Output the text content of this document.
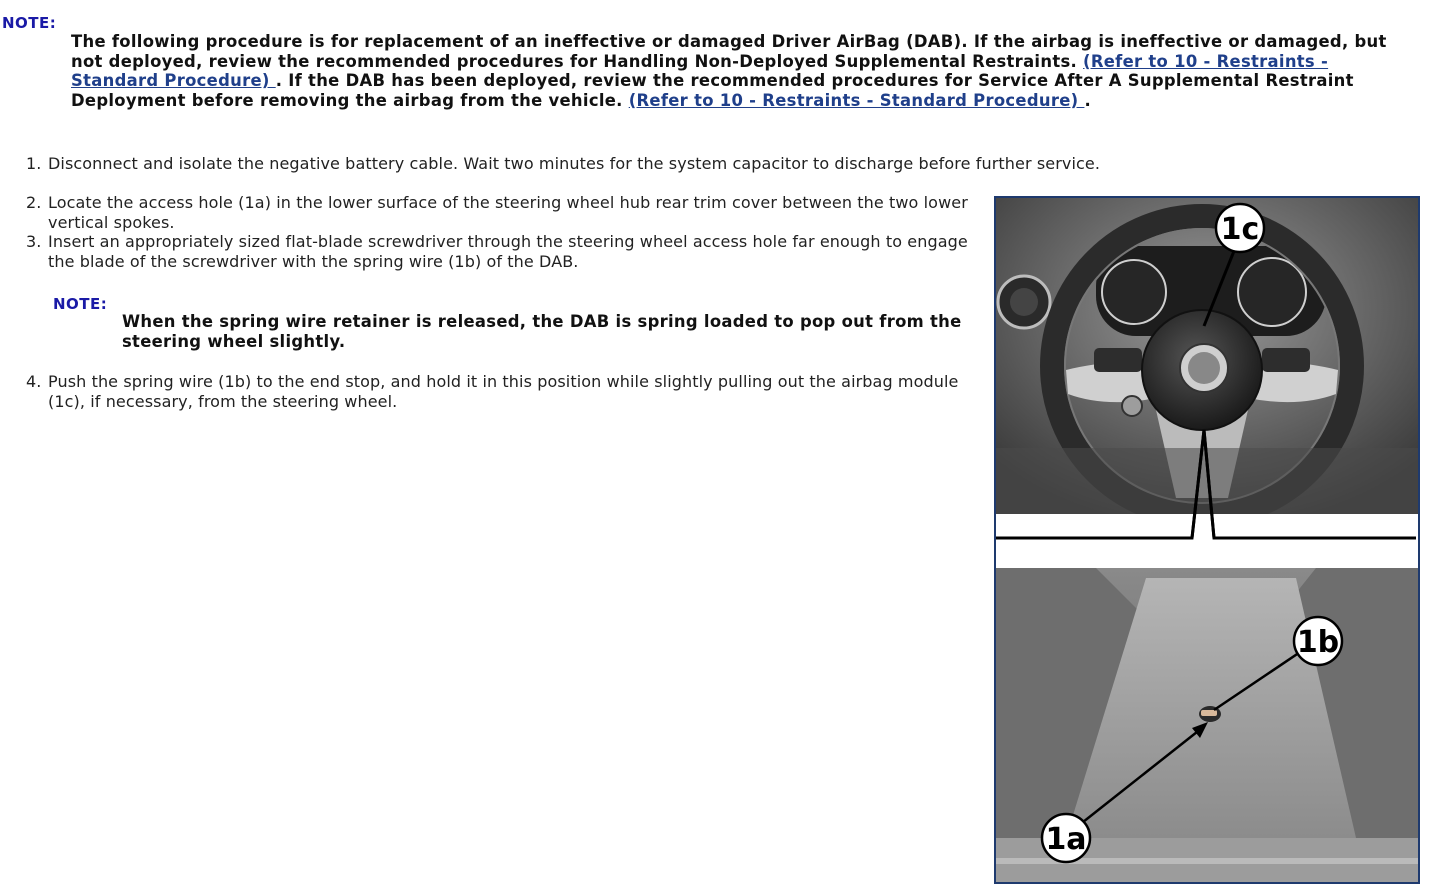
NOTE:

The following procedure is for replacement of an ineffective or damaged Driver AirBag (DAB). If the airbag is ineffective or damaged, but not deployed, review the recommended procedures for Handling Non-Deployed Supplemental Restraints. (Refer to 10 - Restraints - Standard Procedure) . If the DAB has been deployed, review the recommended procedures for Service After A Supplemental Restraint Deployment before removing the airbag from the vehicle. (Refer to 10 - Restraints - Standard Procedure) .

1. Disconnect and isolate the negative battery cable. Wait two minutes for the system capacitor to discharge before further service.
2. Locate the access hole (1a) in the lower surface of the steering wheel hub rear trim cover between the two lower vertical spokes.
3. Insert an appropriately sized flat-blade screwdriver through the steering wheel access hole far enough to engage the blade of the screwdriver with the spring wire (1b) of the DAB.
NOTE:

When the spring wire retainer is released, the DAB is spring loaded to pop out from the steering wheel slightly.

4. Push the spring wire (1b) to the end stop, and hold it in this position while slightly pulling out the airbag module (1c), if necessary, from the steering wheel.
1c
1b
1a
